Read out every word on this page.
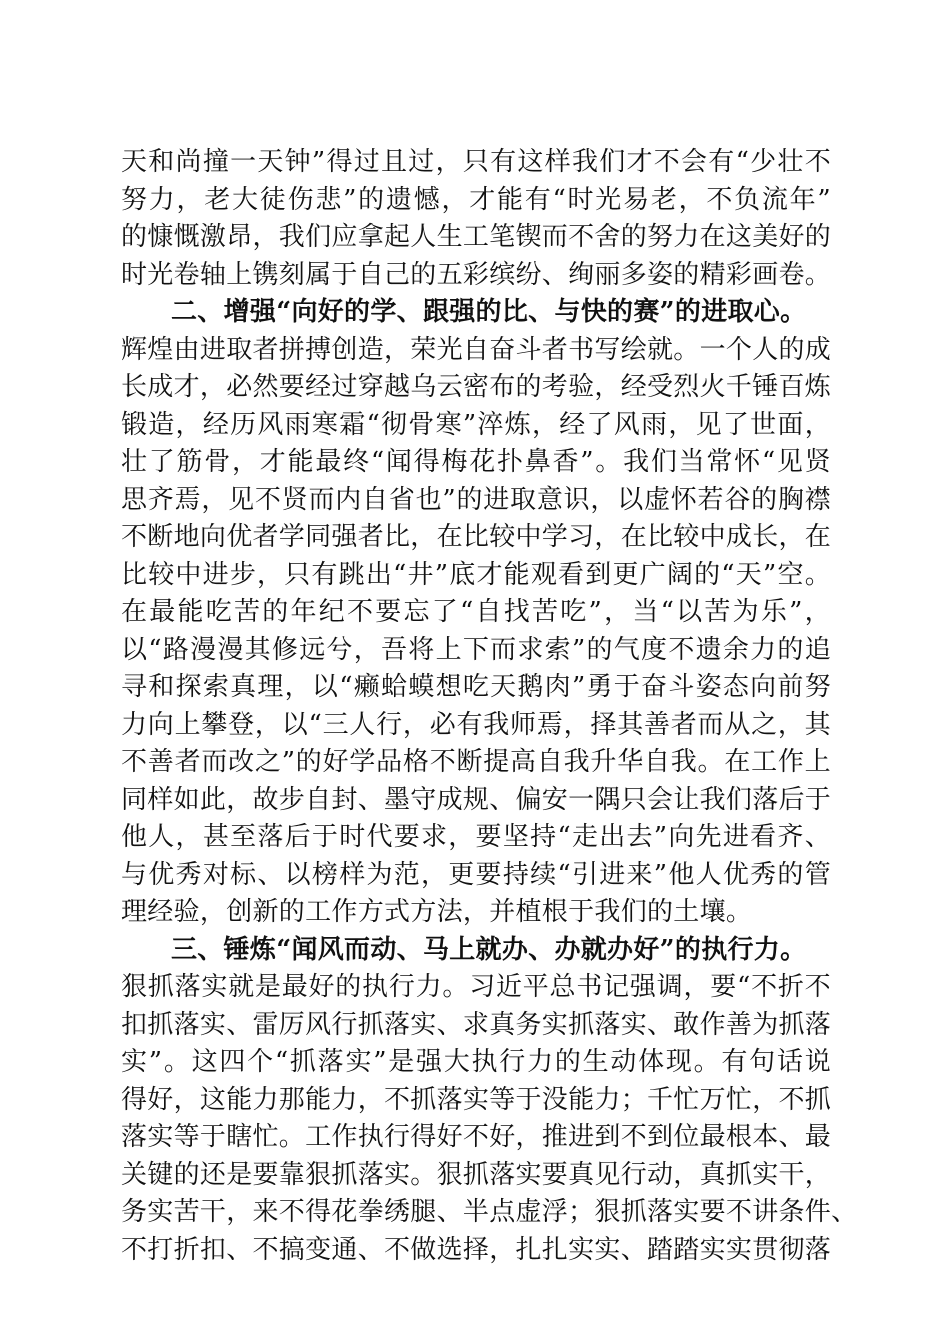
天和尚撞一天钟”得过且过，只有这样我们才不会有“少壮不
努力，老大徒伤悲”的遗憾，才能有“时光易老，不负流年”
的慷慨激昂，我们应拿起人生工笔锲而不舍的努力在这美好的
时光卷轴上镌刻属于自己的五彩缤纷、绚丽多姿的精彩画卷。
二、增强“向好的学、跟强的比、与快的赛”的进取心。
辉煌由进取者拼搏创造，荣光自奋斗者书写绘就。一个人的成
长成才，必然要经过穿越乌云密布的考验，经受烈火千锤百炼
锻造，经历风雨寒霜“彻骨寒”淬炼，经了风雨，见了世面，
壮了筋骨，才能最终“闻得梅花扑鼻香”。我们当常怀“见贤
思齐焉，见不贤而内自省也”的进取意识，以虚怀若谷的胸襟
不断地向优者学同强者比，在比较中学习，在比较中成长，在
比较中进步，只有跳出“井”底才能观看到更广阔的“天”空。
在最能吃苦的年纪不要忘了“自找苦吃”，当“以苦为乐”，
以“路漫漫其修远兮，吾将上下而求索”的气度不遗余力的追
寻和探索真理，以“癞蛤蟆想吃天鹅肉”勇于奋斗姿态向前努
力向上攀登，以“三人行，必有我师焉，择其善者而从之，其
不善者而改之”的好学品格不断提高自我升华自我。在工作上
同样如此，故步自封、墨守成规、偏安一隅只会让我们落后于
他人，甚至落后于时代要求，要坚持“走出去”向先进看齐、
与优秀对标、以榜样为范，更要持续“引进来”他人优秀的管
理经验，创新的工作方式方法，并植根于我们的土壤。
三、锤炼“闻风而动、马上就办、办就办好”的执行力。
狠抓落实就是最好的执行力。习近平总书记强调，要“不折不
扣抓落实、雷厉风行抓落实、求真务实抓落实、敢作善为抓落
实”。这四个“抓落实”是强大执行力的生动体现。有句话说
得好，这能力那能力，不抓落实等于没能力；千忙万忙，不抓
落实等于瞎忙。工作执行得好不好，推进到不到位最根本、最
关键的还是要靠狠抓落实。狠抓落实要真见行动，真抓实干，
务实苦干，来不得花拳绣腿、半点虚浮；狠抓落实要不讲条件、
不打折扣、不搞变通、不做选择，扎扎实实、踏踏实实贯彻落
